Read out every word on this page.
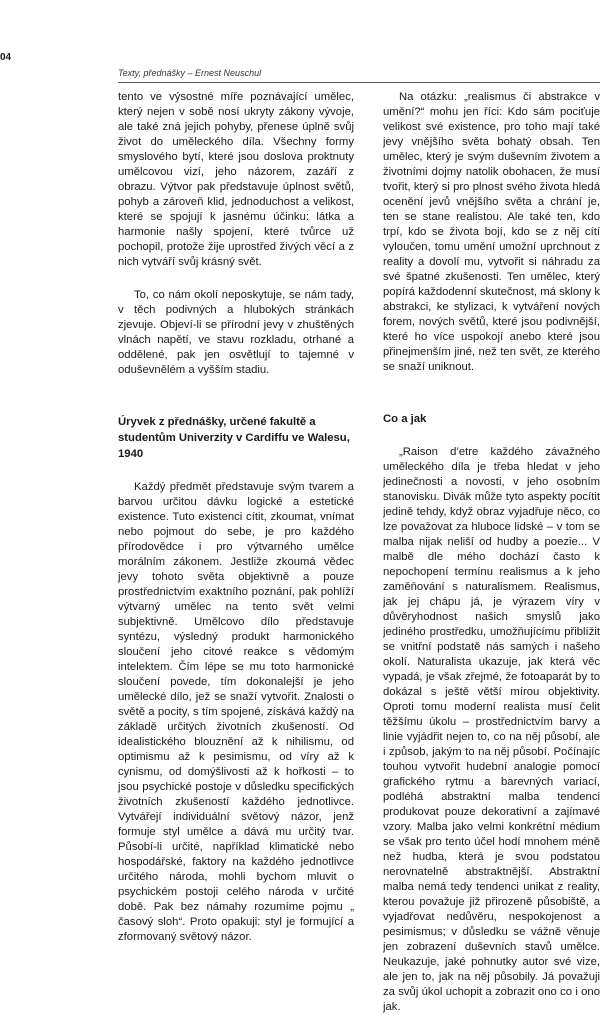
04
Texty, přednášky – Ernest Neuschul

tento ve výsostné míře poznávající umělec, který nejen v sobě nosí ukryty zákony vývoje, ale také zná jejich pohyby, přenese úplně svůj život do uměleckého díla. Všechny formy smyslového bytí, které jsou doslova proktnuty umělcovou vizí, jeho názorem, zazáří z obrazu. Výtvor pak představuje úplnost světů, pohyb a zároveň klid, jednoduchost a velikost, které se spojují k jasnému účinku: látka a harmonie našly spojení, které tvůrce už pochopil, protože žije uprostřed živých věcí a z nich vytváří svůj krásný svět.

To, co nám okolí neposkytuje, se nám tady, v těch podivných a hlubokých stránkách zjevuje. Objeví-li se přírodní jevy v zhuštěných vlnách napětí, ve stavu rozkladu, otrhané a oddělené, pak jen osvětlují to tajemné v oduševnělém a vyšším stadiu.

Úryvek z přednášky, určené fakultě a studentům Univerzity v Cardiffu ve Walesu, 1940

Každý předmět představuje svým tvarem a barvou určitou dávku logické a estetické existence. Tuto existenci cítit, zkoumat, vnímat nebo pojmout do sebe, je pro každého přírodovědce i pro výtvarného umělce morálním zákonem. Jestliže zkoumá vědec jevy tohoto světa objektivně a pouze prostřednictvím exaktního poznání, pak pohlíží výtvarný umělec na tento svět velmi subjektivně. Umělcovo dílo představuje syntézu, výsledný produkt harmonického sloučení jeho citové reakce s vědomým intelektem. Čím lépe se mu toto harmonické sloučení povede, tím dokonalejší je jeho umělecké dílo, jež se snaží vytvořit. Znalosti o světě a pocity, s tím spojené, získává každý na základě určitých životních zkušeností. Od idealistického blouznění až k nihilismu, od optimismu až k pesimismu, od víry až k cynismu, od domýšlivosti až k hořkosti – to jsou psychické postoje v důsledku specifických životních zkušeností každého jednotlivce. Vytvářejí individuální světový názor, jenž formuje styl umělce a dává mu určitý tvar. Působí-li určité, například klimatické nebo hospodářské, faktory na každého jednotlivce určitého národa, mohli bychom mluvit o psychickém postoji celého národa v určité době. Pak bez námahy rozumíme pojmu „ časový sloh“. Proto opakuji: styl je formující a zformovaný světový názor.

Na otázku: „realismus či abstrakce v umění?“ mohu jen říci: Kdo sám pociťuje velikost své existence, pro toho mají také jevy vnějšího světa bohatý obsah. Ten umělec, který je svým duševním životem a životními dojmy natolik obohacen, že musí tvořit, který si pro plnost svého života hledá ocenění jevů vnějšího světa a chrání je, ten se stane realistou. Ale také ten, kdo trpí, kdo se života bojí, kdo se z něj cítí vyloučen, tomu umění umožní uprchnout z reality a dovolí mu, vytvořit si náhradu za své špatné zkušenosti. Ten umělec, který popírá každodenní skutečnost, má sklony k abstrakci, ke stylizaci, k vytváření nových forem, nových světů, které jsou podivnější, které ho více uspokojí anebo které jsou přinejmenším jiné, než ten svět, ze kterého se snaží uniknout.

Co a jak

„Raison d’etre každého závažného uměleckého díla je třeba hledat v jeho jedinečnosti a novosti, v jeho osobním stanovisku. Divák může tyto aspekty pocítit jedině tehdy, když obraz vyjadřuje něco, co lze považovat za hluboce lidské – v tom se malba nijak neliší od hudby a poezie... V malbě dle mého dochází často k nepochopení termínu realismus a k jeho zaměňování s naturalismem. Realismus, jak jej chápu já, je výrazem víry v důvěryhodnost našich smyslů jako jediného prostředku, umožňujícímu přiblížit se vnitřní podstatě nás samých i našeho okolí. Naturalista ukazuje, jak která věc vypadá, je však zřejmé, že fotoaparát by to dokázal s ještě větší mírou objektivity. Oproti tomu moderní realista musí čelit těžšímu úkolu – prostřednictvím barvy a linie vyjádřit nejen to, co na něj působí, ale i způsob, jakým to na něj působí. Počínajíc touhou vytvořit hudební analogie pomocí grafického rytmu a barevných variací, podléhá abstraktní malba tendenci produkovat pouze dekorativní a zajímavé vzory. Malba jako velmi konkrétní médium se však pro tento účel hodí mnohem méně než hudba, která je svou podstatou nerovnatelně abstraktnější. Abstraktní malba nemá tedy tendenci unikat z reality, kterou považuje již přirozeně působiště, a vyjadřovat nedůvěru, nespokojenost a pesimismus; v důsledku se vážně věnuje jen zobrazení duševních stavů umělce. Neukazuje, jaké pohnutky autor své vize, ale jen to, jak na něj působily. Já považuji za svůj úkol uchopit a zobrazit ono co i ono jak.
